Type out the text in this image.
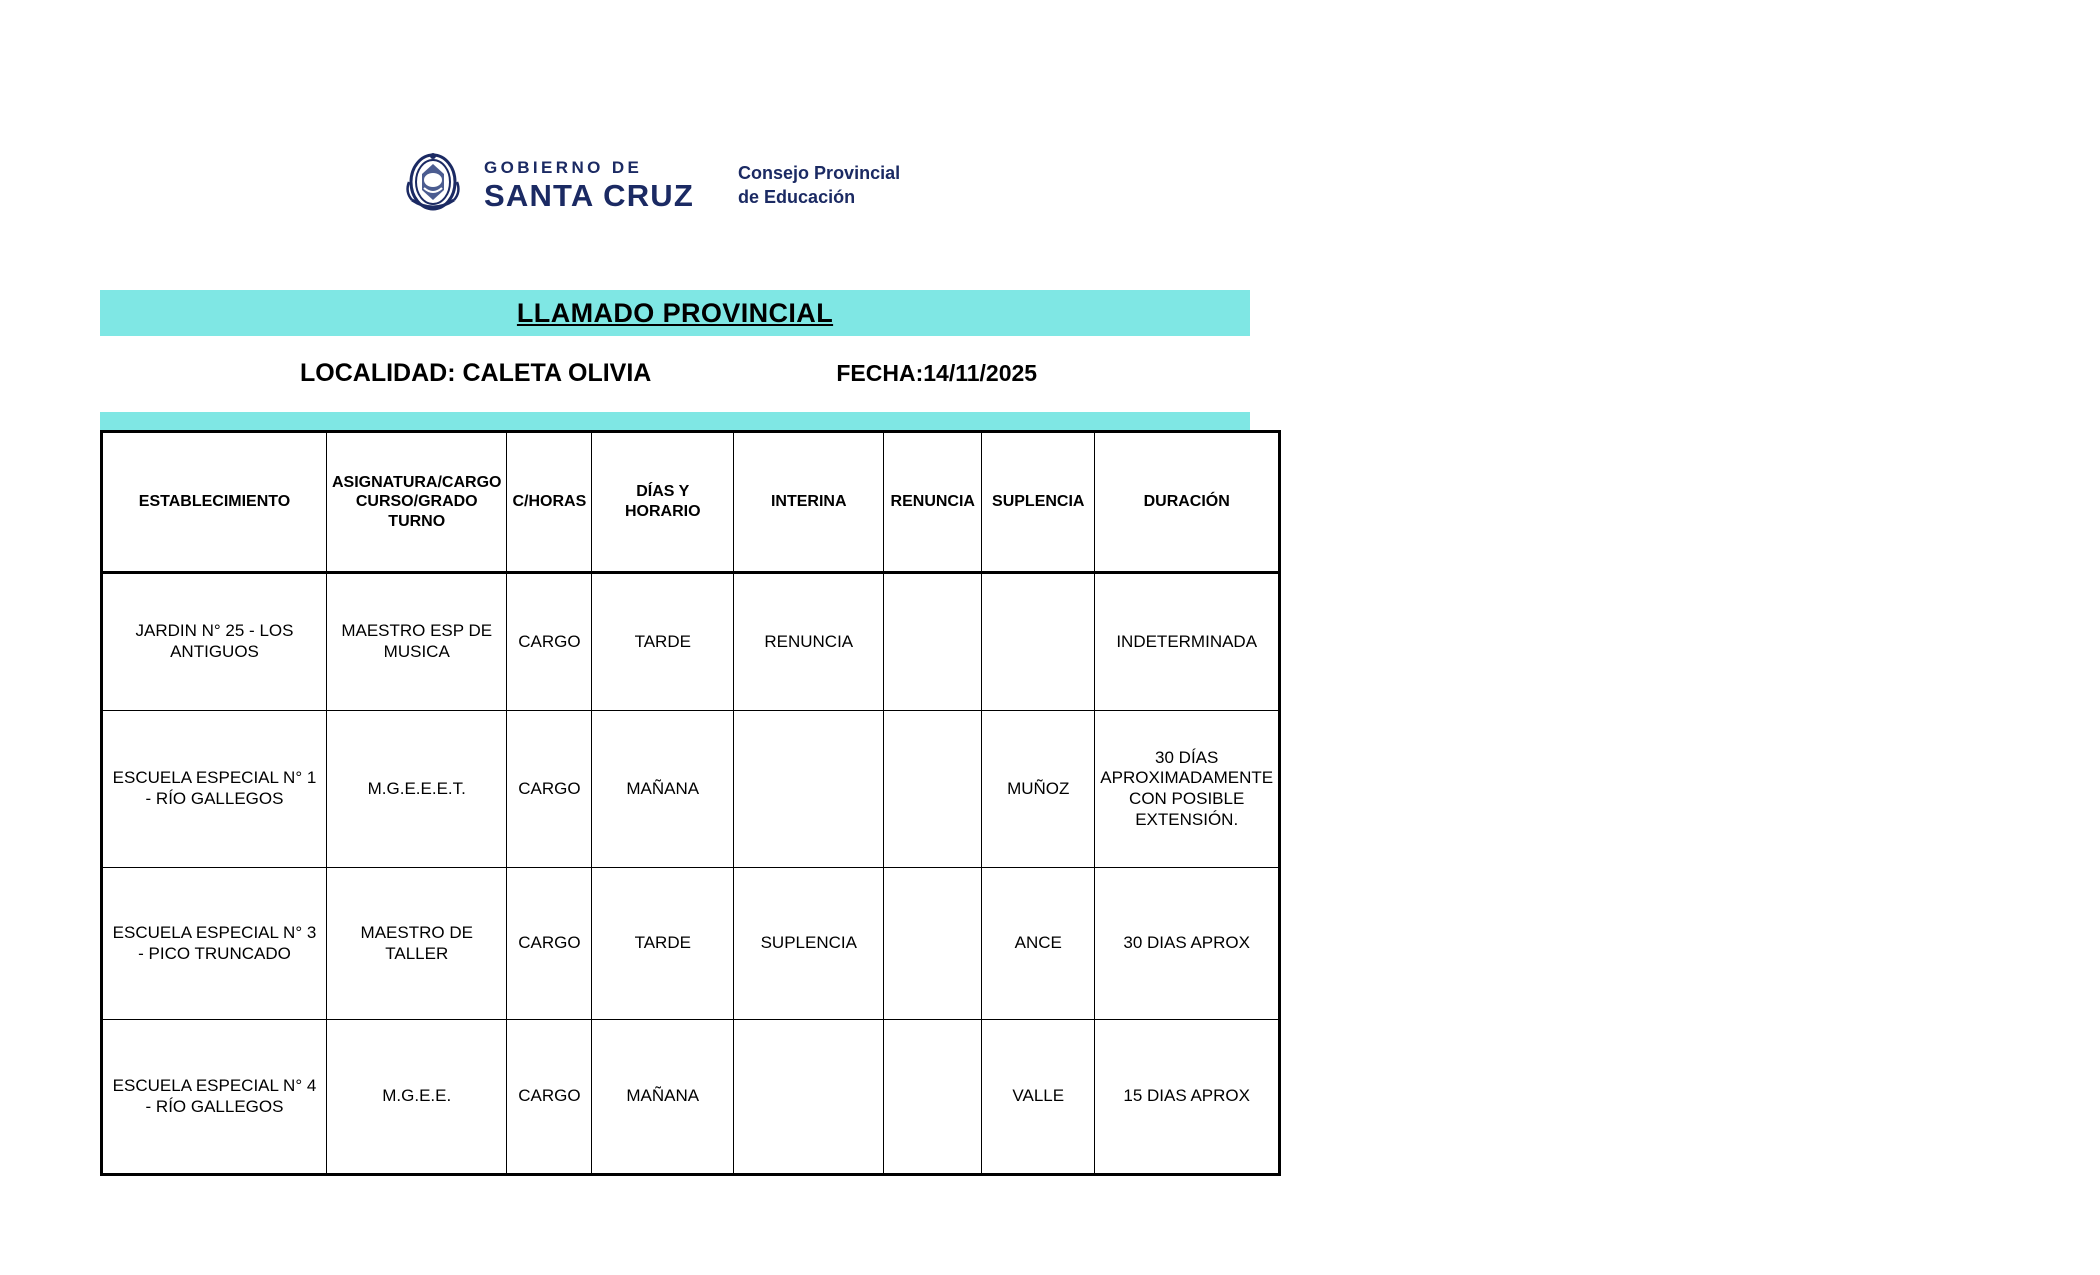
GOBIERNO DE
SANTA CRUZ
Consejo Provincial
de Educación
LLAMADO PROVINCIAL
LOCALIDAD: CALETA OLIVIA	FECHA:14/11/2025
ESTABLECIMIENTO	ASIGNATURA/CARGO CURSO/GRADO TURNO	C/HORAS	DÍAS Y HORARIO	INTERINA	RENUNCIA	SUPLENCIA	DURACIÓN
JARDIN N° 25 - LOS ANTIGUOS	MAESTRO ESP DE MUSICA	CARGO	TARDE	RENUNCIA			INDETERMINADA
ESCUELA ESPECIAL N° 1 - RÍO GALLEGOS	M.G.E.E.E.T.	CARGO	MAÑANA			MUÑOZ	30 DÍAS APROXIMADAMENTE CON POSIBLE EXTENSIÓN.
ESCUELA ESPECIAL N° 3 - PICO TRUNCADO	MAESTRO DE TALLER	CARGO	TARDE	SUPLENCIA		ANCE	30 DIAS APROX
ESCUELA ESPECIAL N° 4 - RÍO GALLEGOS	M.G.E.E.	CARGO	MAÑANA			VALLE	15 DIAS APROX
